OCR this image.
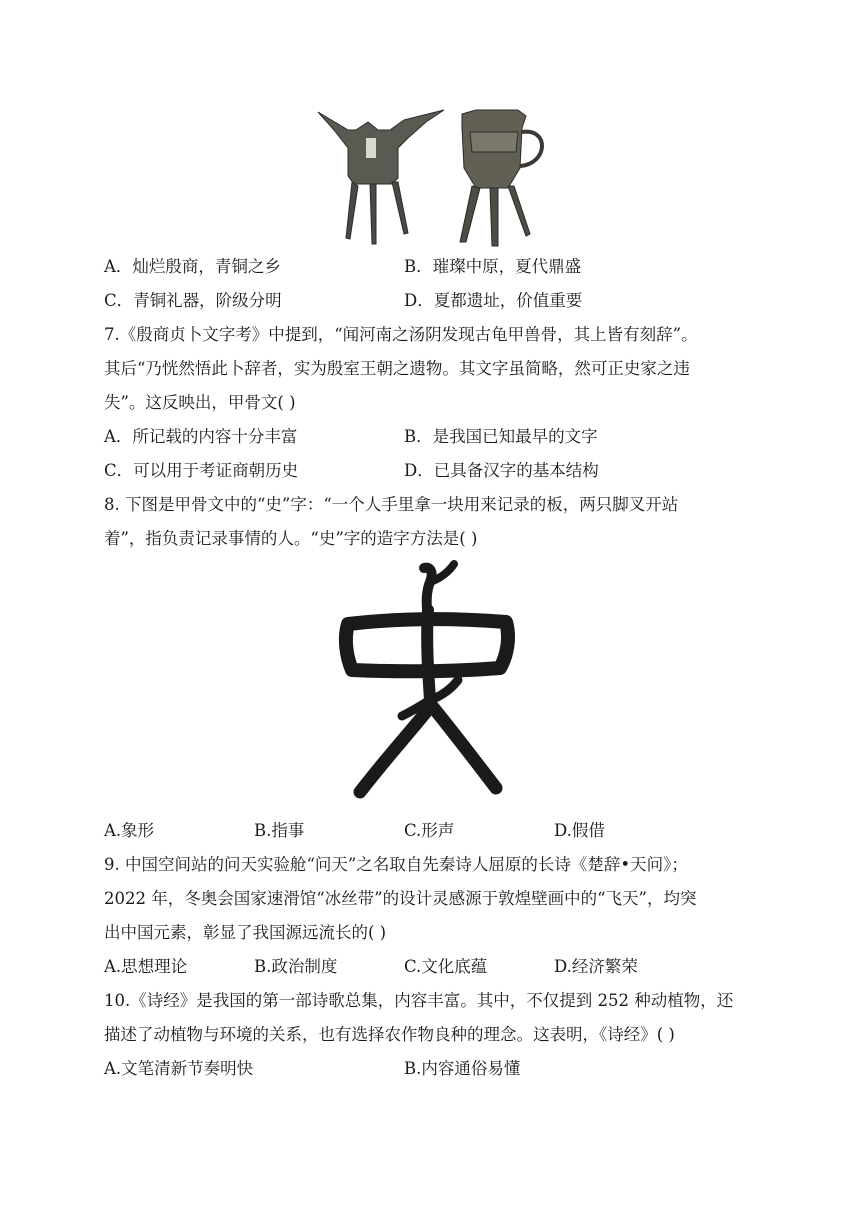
A．灿烂殷商，青铜之乡	B．璀璨中原，夏代鼎盛
C．青铜礼器，阶级分明	D．夏都遗址，价值重要
7.《殷商贞卜文字考》中提到，“闻河南之汤阴发现古龟甲兽骨，其上皆有刻辞”。
其后“乃恍然悟此卜辞者，实为殷室王朝之遗物。其文字虽简略，然可正史家之违
失”。这反映出，甲骨文( )
A．所记载的内容十分丰富	B．是我国已知最早的文字
C．可以用于考证商朝历史	D．已具备汉字的基本结构
8. 下图是甲骨文中的“史”字：“一个人手里拿一块用来记录的板，两只脚叉开站
着”，指负责记录事情的人。“史”字的造字方法是( )
A.象形	B.指事	C.形声	D.假借
9. 中国空间站的问天实验舱“问天”之名取自先秦诗人屈原的长诗《楚辞•天问》；
2022 年，冬奥会国家速滑馆“冰丝带”的设计灵感源于敦煌壁画中的“飞天”，均突
出中国元素，彰显了我国源远流长的( )
A.思想理论	B.政治制度	C.文化底蕴	D.经济繁荣
10.《诗经》是我国的第一部诗歌总集，内容丰富。其中，不仅提到 252 种动植物，还
描述了动植物与环境的关系，也有选择农作物良种的理念。这表明，《诗经》( )
A.文笔清新节奏明快	B.内容通俗易懂
